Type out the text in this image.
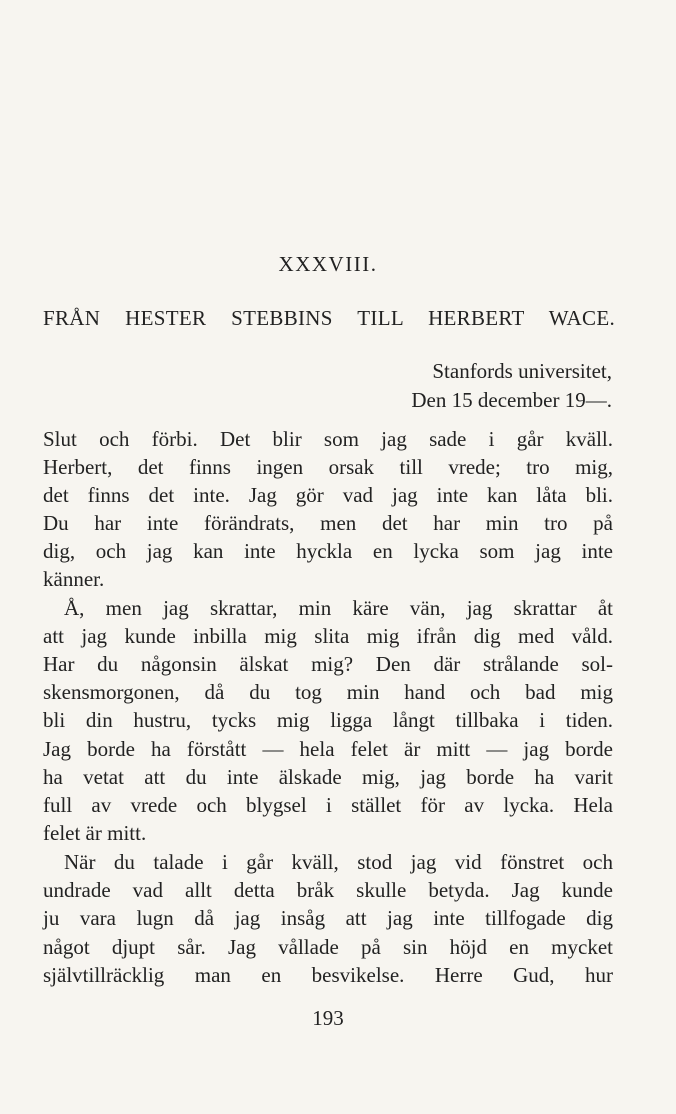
XXXVIII.
FRÅN HESTER STEBBINS TILL HERBERT WACE.
Stanfords universitet,
Den 15 december 19—.
Slut och förbi. Det blir som jag sade i går kväll.
Herbert, det finns ingen orsak till vrede; tro mig,
det finns det inte. Jag gör vad jag inte kan låta bli.
Du har inte förändrats, men det har min tro på
dig, och jag kan inte hyckla en lycka som jag inte
känner.
Å, men jag skrattar, min käre vän, jag skrattar åt
att jag kunde inbilla mig slita mig ifrån dig med våld.
Har du någonsin älskat mig? Den där strålande sol-
skensmorgonen, då du tog min hand och bad mig
bli din hustru, tycks mig ligga långt tillbaka i tiden.
Jag borde ha förstått — hela felet är mitt — jag borde
ha vetat att du inte älskade mig, jag borde ha varit
full av vrede och blygsel i stället för av lycka. Hela
felet är mitt.
När du talade i går kväll, stod jag vid fönstret och
undrade vad allt detta bråk skulle betyda. Jag kunde
ju vara lugn då jag insåg att jag inte tillfogade dig
något djupt sår. Jag vållade på sin höjd en mycket
självtillräcklig man en besvikelse. Herre Gud, hur
193
